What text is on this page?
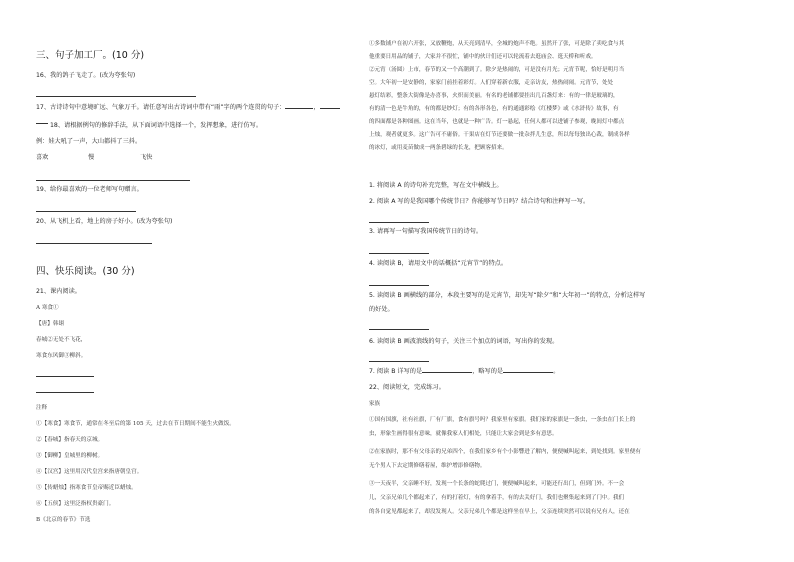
三、句子加工厂。(10 分)
16、我的鸽子飞走了。(改为夸张句)
17、古诗诗句中意境旷远、气象万千。请任意写出古诗词中带有“雨”字的两个连贯的句子：	，
18、请根据例句的修辞手法，从下面词语中选择一个，发挥想象，进行仿写。
例：娃大吼了一声，大山都抖了三抖。
喜欢	慢	飞快
19、给你最喜欢的一位老师写句赠言。
20、从飞机上看，地上的房子好小。(改为夸张句)
四、快乐阅读。(30 分)
21、课内阅读。
A 寒食①
【唐】韩翃
春城②无处不飞花，
寒食东风御③柳斜。
注释
①【寒食】寒食节，通常在冬至后的第 105 天，过去在节日期间不能生火做饭。
②【春城】指春天的京城。
③【御柳】皇城里的柳树。
④【汉宫】这里用汉代皇宫来指唐朝皇宫。
⑤【传蜡烛】指寒食节皇帝赐近臣蜡烛。
⑥【五侯】这里泛指权贵豪门。
B《北京的春节》节选
①多数铺户在初六开张，又放鞭炮，从天亮到清早，全城的炮声不绝。虽然开了张，可是除了卖吃食与其
他重要日用品的铺子，大家并不很忙，铺中的伙计们还可以轮流着去逛庙会、逛天桥和听戏。
②元宵（汤圆）上市，春节的又一个高潮到了。除夕是热闹的，可是没有月光；元宵节呢，恰好是明月当
空。大年初一是安静的，家家门前挂着彩灯。人们穿着新衣服，走亲访友，热热闹闹。元宵节，处处
悬灯结彩，整条大街像是办喜事，火炽而美丽。有名的老铺都要挂出几百盏灯来：有的一律是玻璃的，
有的清一色是牛角的，有的都是纱灯；有的各形各色，有的通通彩绘《红楼梦》或《水浒传》故事，有
的四面都是各种图画。这在当年，也就是一种广告。灯一悬起，任何人都可以进铺子参观，晚间灯中都点
上烛，观者就更多。这广告可不庸俗。干果店在灯节还要做一批杂拌儿生意，所以每每独出心裁，制成各样
的冰灯，或用麦苗做成一两条碧绿的长龙，把顾客招来。
1. 将阅读 A 的诗句补充完整，写在文中横线上。
2. 阅读 A 写的是我国哪个传统节日？你能够写节日吗？结合诗句和注释写一写。
3. 请再写一句描写我国传统节日的诗句。
4. 读阅读 B，请用文中的话概括“元宵节”的特点。
5. 读阅读 B 画横线的部分，本段主要写的是元宵节，却先写“除夕”和“大年初一”的特点，分析这样写
的好处。
6. 读阅读 B 画波浪线的句子，关注三个加点的词语，写出你的发现。
7. 阅读 B 详写的是	，略写的是	。
22、阅读短文，完成练习。
家族
①国有国旗，社有社旗，厂有厂旗，食有旗号吗？我家里有家旗。我们家的家旗是一条虫，一条虫在门长上的
虫，形象生画得很有意味，就像我家人们相处，只能让大家会到是多有意思。
②在家族时，那不有父母亲的兄弟四个，在我们家乡有个小影響进了解内，便便喊叫起来，到处找到。家里便有
无个男人下去定期修缮着屋，维护增添修缮物。
③一天夜半，父亲睡不好，发现一个长条的蛇爬过门，便便喊叫起来，可能还行出门，但到门外。不一会
儿，父亲兄弟几个都起来了，有的打着灯，有的拿着手，有的去关好门，我们也聚集起来到了门中。我们
的各自觉见都起来了，却没发现人。父亲兄弟几个都是这样坐在早上，父亲连续突然可以说有兄有人，还在
